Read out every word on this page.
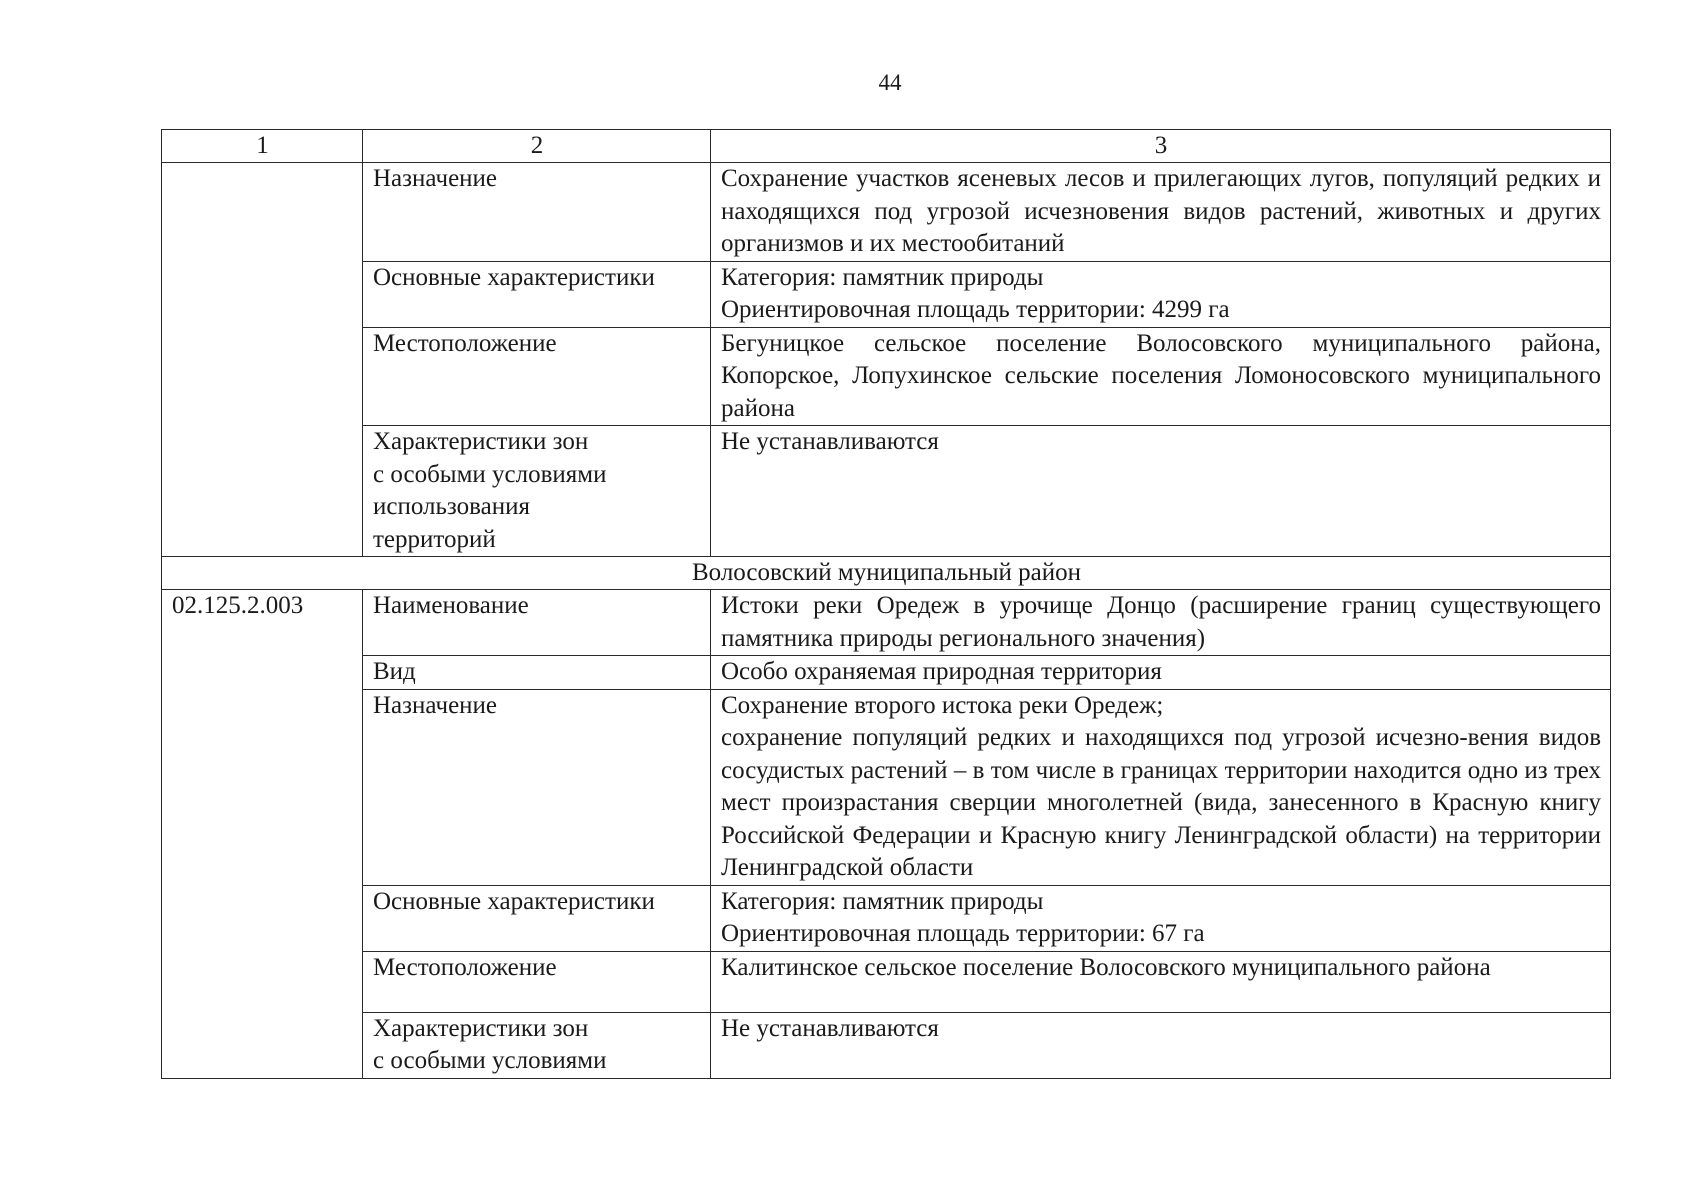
44
1	2	3
	Назначение	Сохранение участков ясеневых лесов и прилегающих лугов, популяций редких и находящихся под угрозой исчезновения видов растений, животных и других организмов и их местообитаний
	Основные характеристики	Категория: памятник природы
Ориентировочная площадь территории: 4299 га

	Местоположение	Бегуницкое сельское поселение Волосовского муниципального района, Копорское, Лопухинское сельские поселения Ломоносовского муниципального района

	Характеристики зон
с особыми условиями
использования
территорий	Не устанавливаются
Волосовский муниципальный район		
02.125.2.003	Наименование	Истоки реки Оредеж в урочище Донцо (расширение границ существующего памятника природы регионального значения)
	Вид	Особо охраняемая природная территория
	Назначение	Сохранение второго истока реки Оредеж;
сохранение популяций редких и находящихся под угрозой исчезно-вения видов сосудистых растений – в том числе в границах территории находится одно из трех мест произрастания сверции многолетней (вида, занесенного в Красную книгу Российской Федерации и Красную книгу Ленинградской области) на территории Ленинградской области

	Основные характеристики	Категория: памятник природы
Ориентировочная площадь территории: 67 га

	Местоположение	Калитинское сельское поселение Волосовского муниципального района

	Характеристики зон
с особыми условиями	Не устанавливаются
